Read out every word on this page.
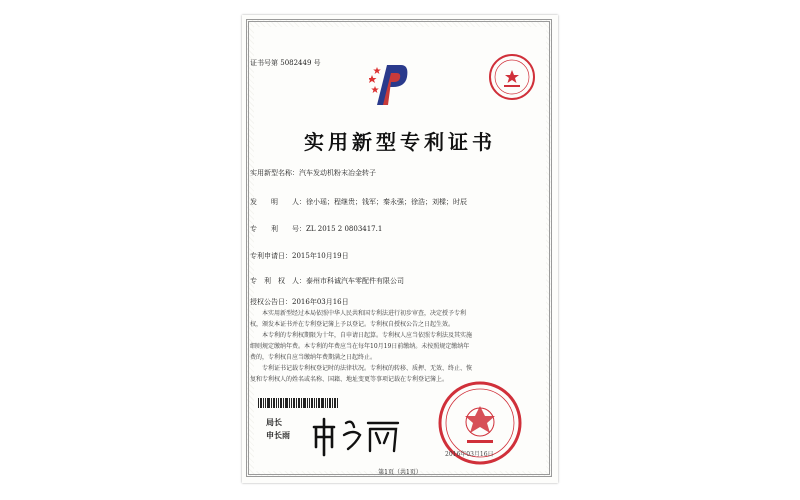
证书号第 5082449 号
实用新型专利证书
实用新型名称：汽车发动机粉末冶金转子
发　　明　　人：徐小瑶；程继贵；钱军；秦永强；徐浩；刘樑；时辰
专　　利　　号：ZL 2015 2 0803417.1
专利申请日：2015年10月19日
专　利　权　人：泰州市科诚汽车零配件有限公司
授权公告日：2016年03月16日

本实用新型经过本局依照中华人民共和国专利法进行初步审查，决定授予专利权，颁发本证书并在专利登记簿上予以登记。专利权自授权公告之日起生效。

本专利的专利权期限为十年，自申请日起算。专利权人应当依照专利法及其实施细则规定缴纳年费。本专利的年费应当在每年10月19日前缴纳。未按照规定缴纳年费的，专利权自应当缴纳年费期满之日起终止。

专利证书记载专利权登记时的法律状况。专利权的转移、质押、无效、终止、恢复和专利权人的姓名或名称、国籍、地址变更等事项记载在专利登记簿上。

局长
申长雨
2016年03月16日
第1页（共1页）
